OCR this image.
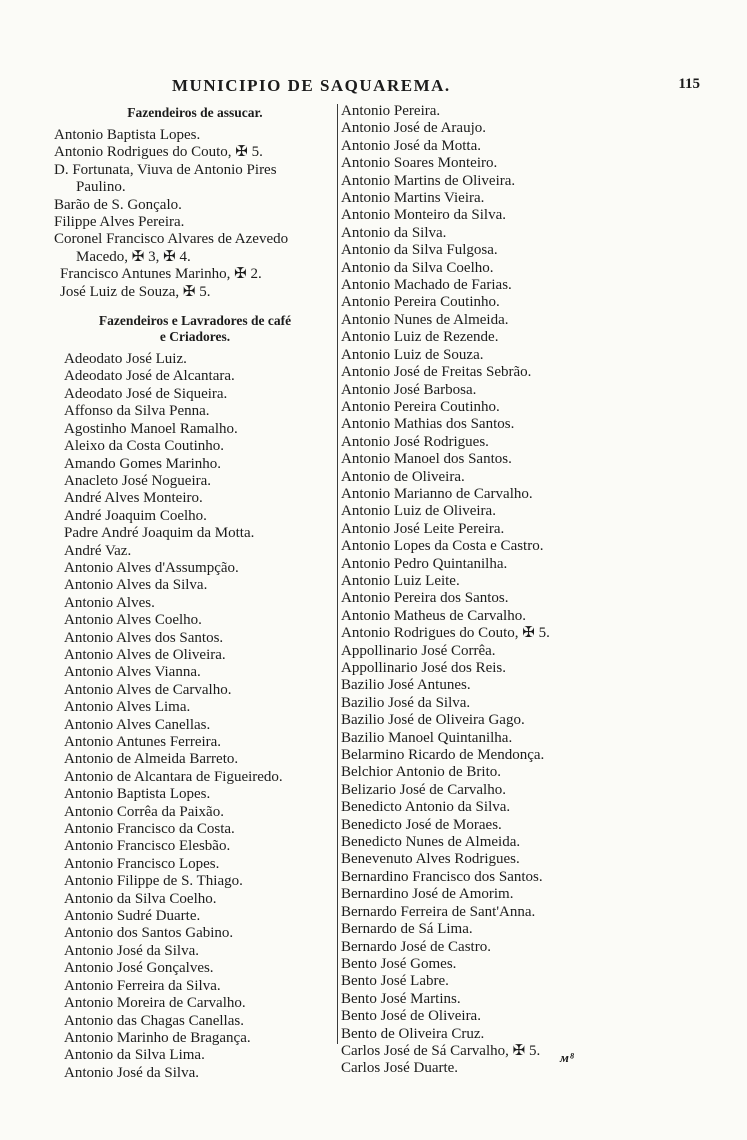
MUNICIPIO DE SAQUAREMA.	115
Fazendeiros de assucar.
Antonio Baptista Lopes.
Antonio Rodrigues do Couto, ✠ 5.
D. Fortunata, Viuva de Antonio Pires
Paulino.
Barão de S. Gonçalo.
Filippe Alves Pereira.
Coronel Francisco Alvares de Azevedo
Macedo, ✠ 3, ✠ 4.
Francisco Antunes Marinho, ✠ 2.
José Luiz de Souza, ✠ 5.
Fazendeiros e Lavradores de café
e Criadores.
Adeodato José Luiz.
Adeodato José de Alcantara.
Adeodato José de Siqueira.
Affonso da Silva Penna.
Agostinho Manoel Ramalho.
Aleixo da Costa Coutinho.
Amando Gomes Marinho.
Anacleto José Nogueira.
André Alves Monteiro.
André Joaquim Coelho.
Padre André Joaquim da Motta.
André Vaz.
Antonio Alves d'Assumpção.
Antonio Alves da Silva.
Antonio Alves.
Antonio Alves Coelho.
Antonio Alves dos Santos.
Antonio Alves de Oliveira.
Antonio Alves Vianna.
Antonio Alves de Carvalho.
Antonio Alves Lima.
Antonio Alves Canellas.
Antonio Antunes Ferreira.
Antonio de Almeida Barreto.
Antonio de Alcantara de Figueiredo.
Antonio Baptista Lopes.
Antonio Corrêa da Paixão.
Antonio Francisco da Costa.
Antonio Francisco Elesbão.
Antonio Francisco Lopes.
Antonio Filippe de S. Thiago.
Antonio da Silva Coelho.
Antonio Sudré Duarte.
Antonio dos Santos Gabino.
Antonio José da Silva.
Antonio José Gonçalves.
Antonio Ferreira da Silva.
Antonio Moreira de Carvalho.
Antonio das Chagas Canellas.
Antonio Marinho de Bragança.
Antonio da Silva Lima.
Antonio José da Silva.
Antonio Pereira.
Antonio José de Araujo.
Antonio José da Motta.
Antonio Soares Monteiro.
Antonio Martins de Oliveira.
Antonio Martins Vieira.
Antonio Monteiro da Silva.
Antonio da Silva.
Antonio da Silva Fulgosa.
Antonio da Silva Coelho.
Antonio Machado de Farias.
Antonio Pereira Coutinho.
Antonio Nunes de Almeida.
Antonio Luiz de Rezende.
Antonio Luiz de Souza.
Antonio José de Freitas Sebrão.
Antonio José Barbosa.
Antonio Pereira Coutinho.
Antonio Mathias dos Santos.
Antonio José Rodrigues.
Antonio Manoel dos Santos.
Antonio de Oliveira.
Antonio Marianno de Carvalho.
Antonio Luiz de Oliveira.
Antonio José Leite Pereira.
Antonio Lopes da Costa e Castro.
Antonio Pedro Quintanilha.
Antonio Luiz Leite.
Antonio Pereira dos Santos.
Antonio Matheus de Carvalho.
Antonio Rodrigues do Couto, ✠ 5.
Appollinario José Corrêa.
Appollinario José dos Reis.
Bazilio José Antunes.
Bazilio José da Silva.
Bazilio José de Oliveira Gago.
Bazilio Manoel Quintanilha.
Belarmino Ricardo de Mendonça.
Belchior Antonio de Brito.
Belizario José de Carvalho.
Benedicto Antonio da Silva.
Benedicto José de Moraes.
Benedicto Nunes de Almeida.
Benevenuto Alves Rodrigues.
Bernardino Francisco dos Santos.
Bernardino José de Amorim.
Bernardo Ferreira de Sant'Anna.
Bernardo de Sá Lima.
Bernardo José de Castro.
Bento José Gomes.
Bento José Labre.
Bento José Martins.
Bento José de Oliveira.
Bento de Oliveira Cruz.
Carlos José de Sá Carvalho, ✠ 5.
Carlos José Duarte.
м⁸
